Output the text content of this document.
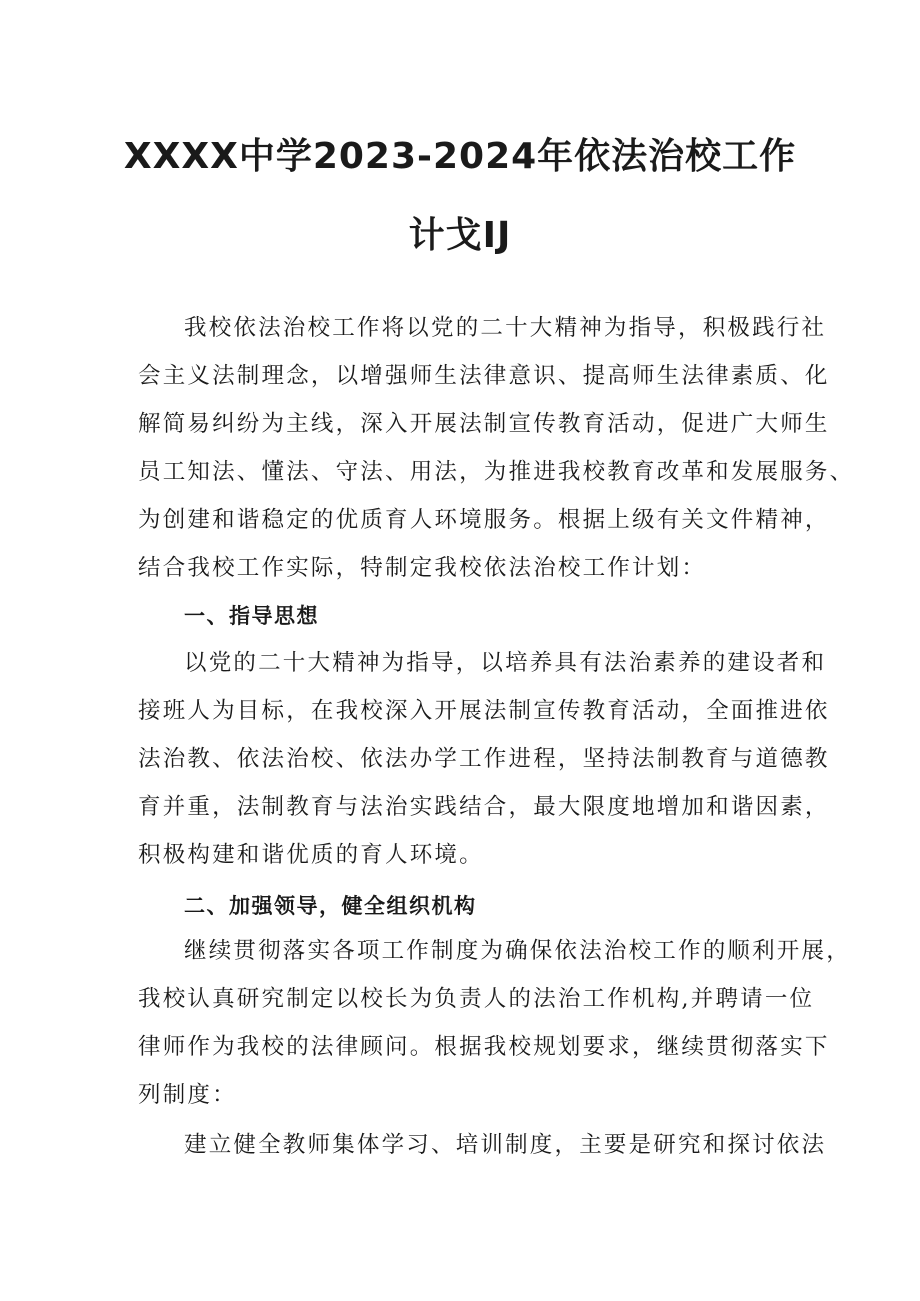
XXXX中学2023-2024年依法治校工作
计戈IJ
我校依法治校工作将以党的二十大精神为指导，积极践行社
会主义法制理念，以增强师生法律意识、提高师生法律素质、化
解简易纠纷为主线，深入开展法制宣传教育活动，促进广大师生
员工知法、懂法、守法、用法，为推进我校教育改革和发展服务、
为创建和谐稳定的优质育人环境服务。根据上级有关文件精神，
结合我校工作实际，特制定我校依法治校工作计划：
一、指导思想
以党的二十大精神为指导，以培养具有法治素养的建设者和
接班人为目标，在我校深入开展法制宣传教育活动，全面推进依
法治教、依法治校、依法办学工作进程，坚持法制教育与道德教
育并重，法制教育与法治实践结合，最大限度地增加和谐因素，
积极构建和谐优质的育人环境。
二、加强领导，健全组织机构
继续贯彻落实各项工作制度为确保依法治校工作的顺利开展，
我校认真研究制定以校长为负责人的法治工作机构,并聘请一位
律师作为我校的法律顾问。根据我校规划要求，继续贯彻落实下
列制度：
建立健全教师集体学习、培训制度，主要是研究和探讨依法
